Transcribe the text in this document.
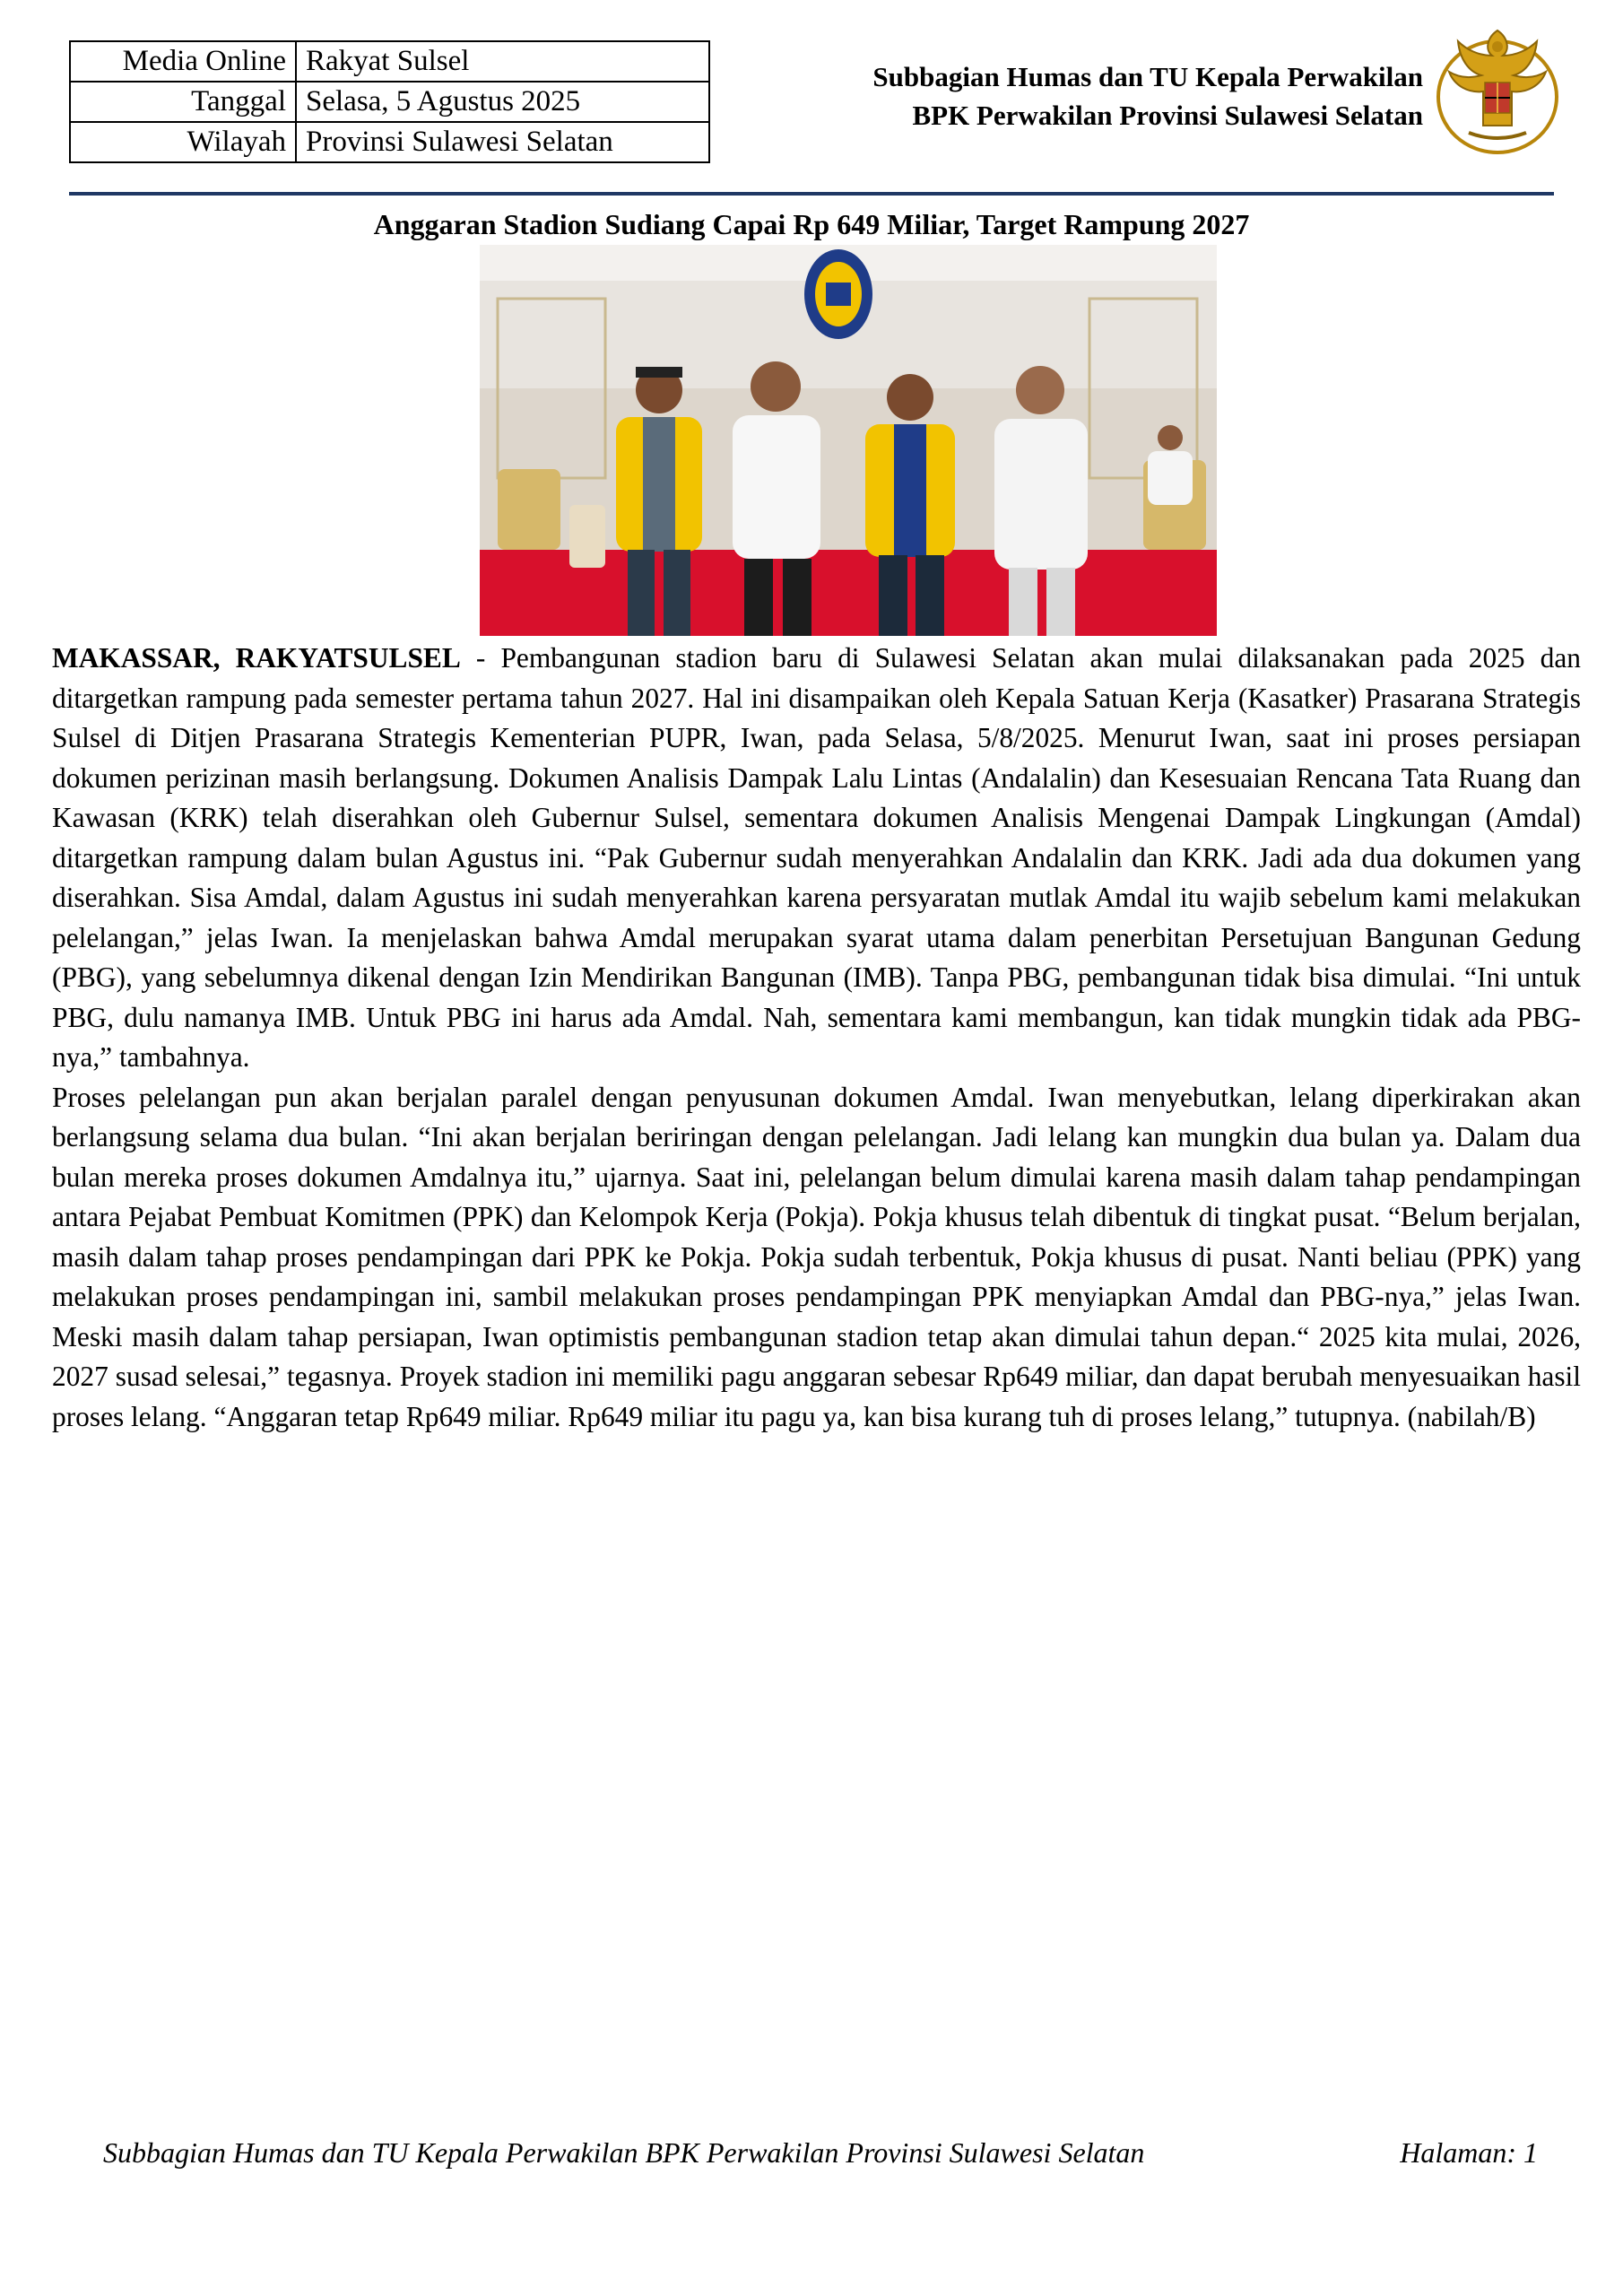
Media Online	Rakyat Sulsel
Tanggal	Selasa, 5 Agustus 2025
Wilayah	Provinsi Sulawesi Selatan
Subbagian Humas dan TU Kepala Perwakilan
BPK Perwakilan Provinsi Sulawesi Selatan
Anggaran Stadion Sudiang Capai Rp 649 Miliar, Target Rampung 2027

MAKASSAR, RAKYATSULSEL - Pembangunan stadion baru di Sulawesi Selatan akan mulai dilaksanakan pada 2025 dan ditargetkan rampung pada semester pertama tahun 2027. Hal ini disampaikan oleh Kepala Satuan Kerja (Kasatker) Prasarana Strategis Sulsel di Ditjen Prasarana Strategis Kementerian PUPR, Iwan, pada Selasa, 5/8/2025. Menurut Iwan, saat ini proses persiapan dokumen perizinan masih berlangsung. Dokumen Analisis Dampak Lalu Lintas (Andalalin) dan Kesesuaian Rencana Tata Ruang dan Kawasan (KRK) telah diserahkan oleh Gubernur Sulsel, sementara dokumen Analisis Mengenai Dampak Lingkungan (Amdal) ditargetkan rampung dalam bulan Agustus ini. “Pak Gubernur sudah menyerahkan Andalalin dan KRK. Jadi ada dua dokumen yang diserahkan. Sisa Amdal, dalam Agustus ini sudah menyerahkan karena persyaratan mutlak Amdal itu wajib sebelum kami melakukan pelelangan,” jelas Iwan. Ia menjelaskan bahwa Amdal merupakan syarat utama dalam penerbitan Persetujuan Bangunan Gedung (PBG), yang sebelumnya dikenal dengan Izin Mendirikan Bangunan (IMB). Tanpa PBG, pembangunan tidak bisa dimulai. “Ini untuk PBG, dulu namanya IMB. Untuk PBG ini harus ada Amdal. Nah, sementara kami membangun, kan tidak mungkin tidak ada PBG-nya,” tambahnya.

Proses pelelangan pun akan berjalan paralel dengan penyusunan dokumen Amdal. Iwan menyebutkan, lelang diperkirakan akan berlangsung selama dua bulan. “Ini akan berjalan beriringan dengan pelelangan. Jadi lelang kan mungkin dua bulan ya. Dalam dua bulan mereka proses dokumen Amdalnya itu,” ujarnya. Saat ini, pelelangan belum dimulai karena masih dalam tahap pendampingan antara Pejabat Pembuat Komitmen (PPK) dan Kelompok Kerja (Pokja). Pokja khusus telah dibentuk di tingkat pusat. “Belum berjalan, masih dalam tahap proses pendampingan dari PPK ke Pokja. Pokja sudah terbentuk, Pokja khusus di pusat. Nanti beliau (PPK) yang melakukan proses pendampingan ini, sambil melakukan proses pendampingan PPK menyiapkan Amdal dan PBG-nya,” jelas Iwan. Meski masih dalam tahap persiapan, Iwan optimistis pembangunan stadion tetap akan dimulai tahun depan.“ 2025 kita mulai, 2026, 2027 susad selesai,” tegasnya. Proyek stadion ini memiliki pagu anggaran sebesar Rp649 miliar, dan dapat berubah menyesuaikan hasil proses lelang. “Anggaran tetap Rp649 miliar. Rp649 miliar itu pagu ya, kan bisa kurang tuh di proses lelang,” tutupnya. (nabilah/B)

Subbagian Humas dan TU Kepala Perwakilan BPK Perwakilan Provinsi Sulawesi Selatan	Halaman: 1
